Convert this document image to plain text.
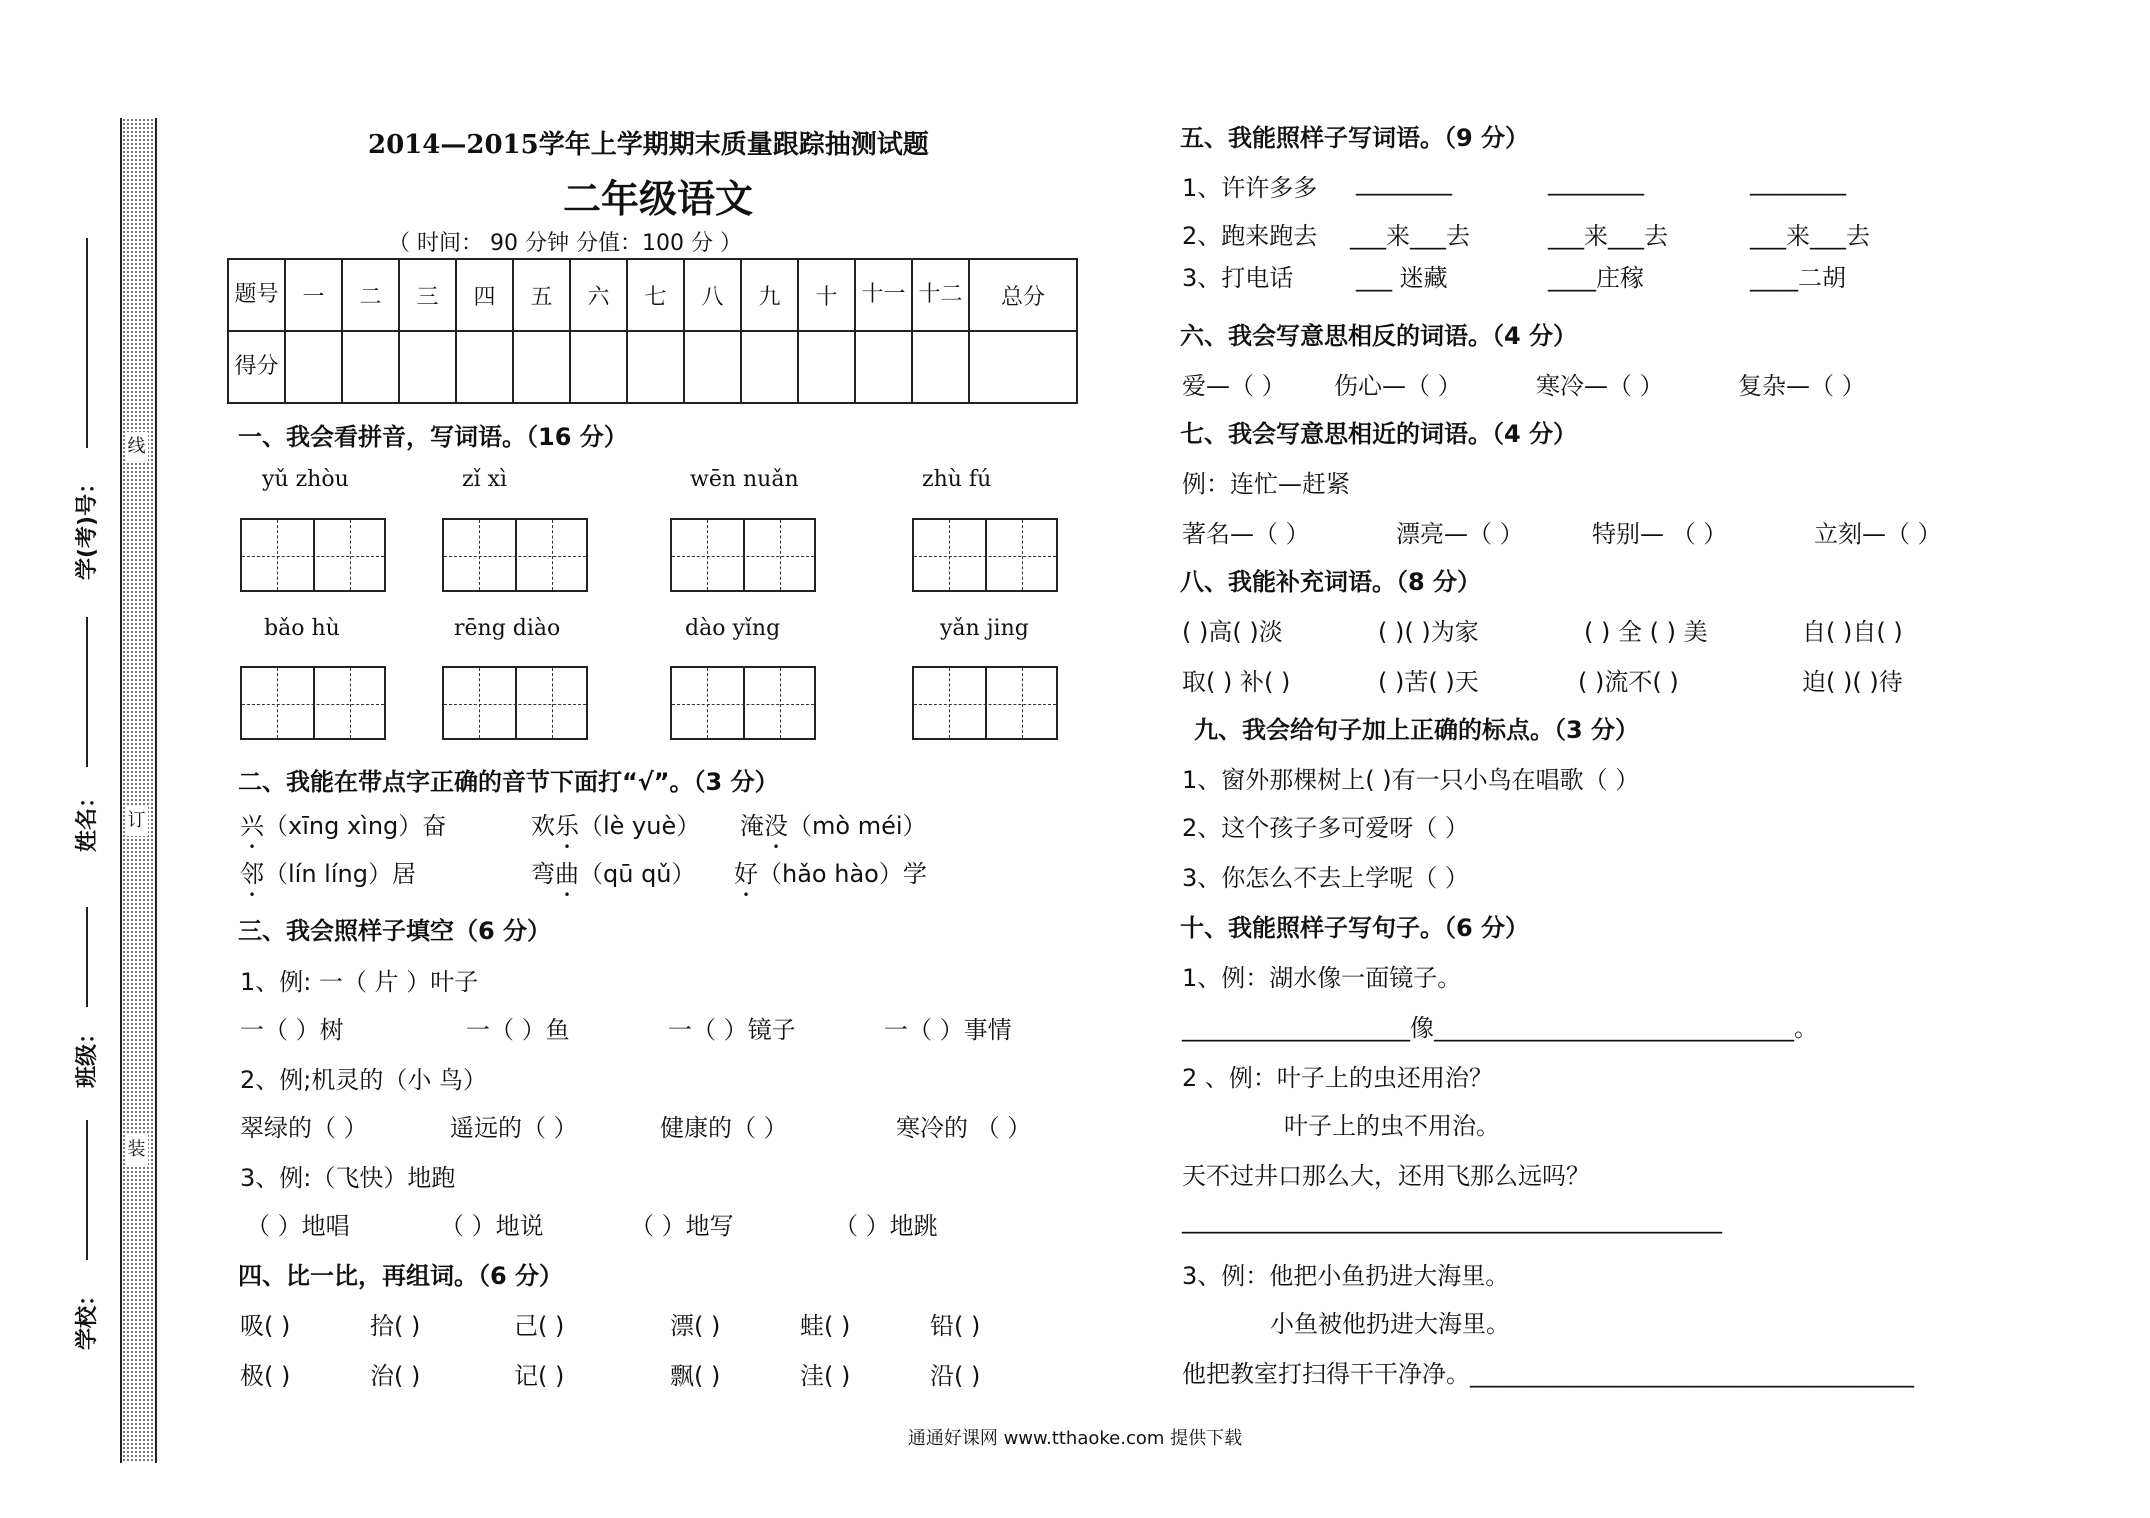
线
订
装
学(考)号：
姓名：
班级：
学校：
2014—2015学年上学期期末质量跟踪抽测试题
二年级语文
（ 时间： 90 分钟 分值：100 分 ）
题号	一	二	三	四	五	六	七	八	九	十	十一	十二	总分
得分													
一、我会看拼音，写词语。（16 分）
yǔ zhòu	zǐ xì	wēn nuǎn	zhù fú
bǎo hù	rēng diào	dào yǐng	yǎn jing
二、我能在带点字正确的音节下面打“√”。（3 分）
兴（xīng xìng）奋	欢乐（lè yuè） 淹没（mò méi）
邻（lín líng）居	弯曲（qū qǔ） 好（hǎo hào）学
三、我会照样子填空（6 分）
1、例: 一（ 片 ）叶子
一（ ）树	一（ ）鱼	一（ ）镜子	一（ ）事情
2、例;机灵的（小 鸟）
翠绿的（ ）	遥远的（ ）	健康的（ ）	寒冷的 （ ）
3、例:（飞快）地跑
（ ）地唱	（ ）地说	（ ）地写	（ ）地跳
四、比一比，再组词。（6 分）
吸( )	拾( )	己( )	漂( )	蛙( )	铅( )
极( )	治( )	记( )	飘( )	洼( )	沿( )
五、我能照样子写词语。（9 分）
1、许许多多 ________	________	________
2、跑来跑去 ___来___去	___来___去	___来___去
3、打电话	___ 迷藏	____庄稼	____二胡
六、我会写意思相反的词语。（4 分）
爱—（ ） 伤心—（ ）	寒冷—（ ）	复杂—（ ）
七、我会写意思相近的词语。（4 分）
例：连忙—赶紧
著名—（ ）	漂亮—（ ）	特别— （ ）	立刻—（ ）
八、我能补充词语。（8 分）
( )高( )淡	( )( )为家	( ) 全 ( ) 美	自( )自( )
取( ) 补( )	( )苦( )天	( )流不( )	迫( )( )待
九、我会给句子加上正确的标点。（3 分）
1、窗外那棵树上( )有一只小鸟在唱歌（ ）
2、这个孩子多可爱呀（ ）
3、你怎么不去上学呢（ ）
十、我能照样子写句子。（6 分）
1、例：湖水像一面镜子。
___________________像______________________________。
2 、例：叶子上的虫还用治？
叶子上的虫不用治。
天不过井口那么大，还用飞那么远吗？
_____________________________________________
3、例：他把小鱼扔进大海里。
小鱼被他扔进大海里。
他把教室打扫得干干净净。_____________________________________
通通好课网 www.tthaoke.com 提供下载
